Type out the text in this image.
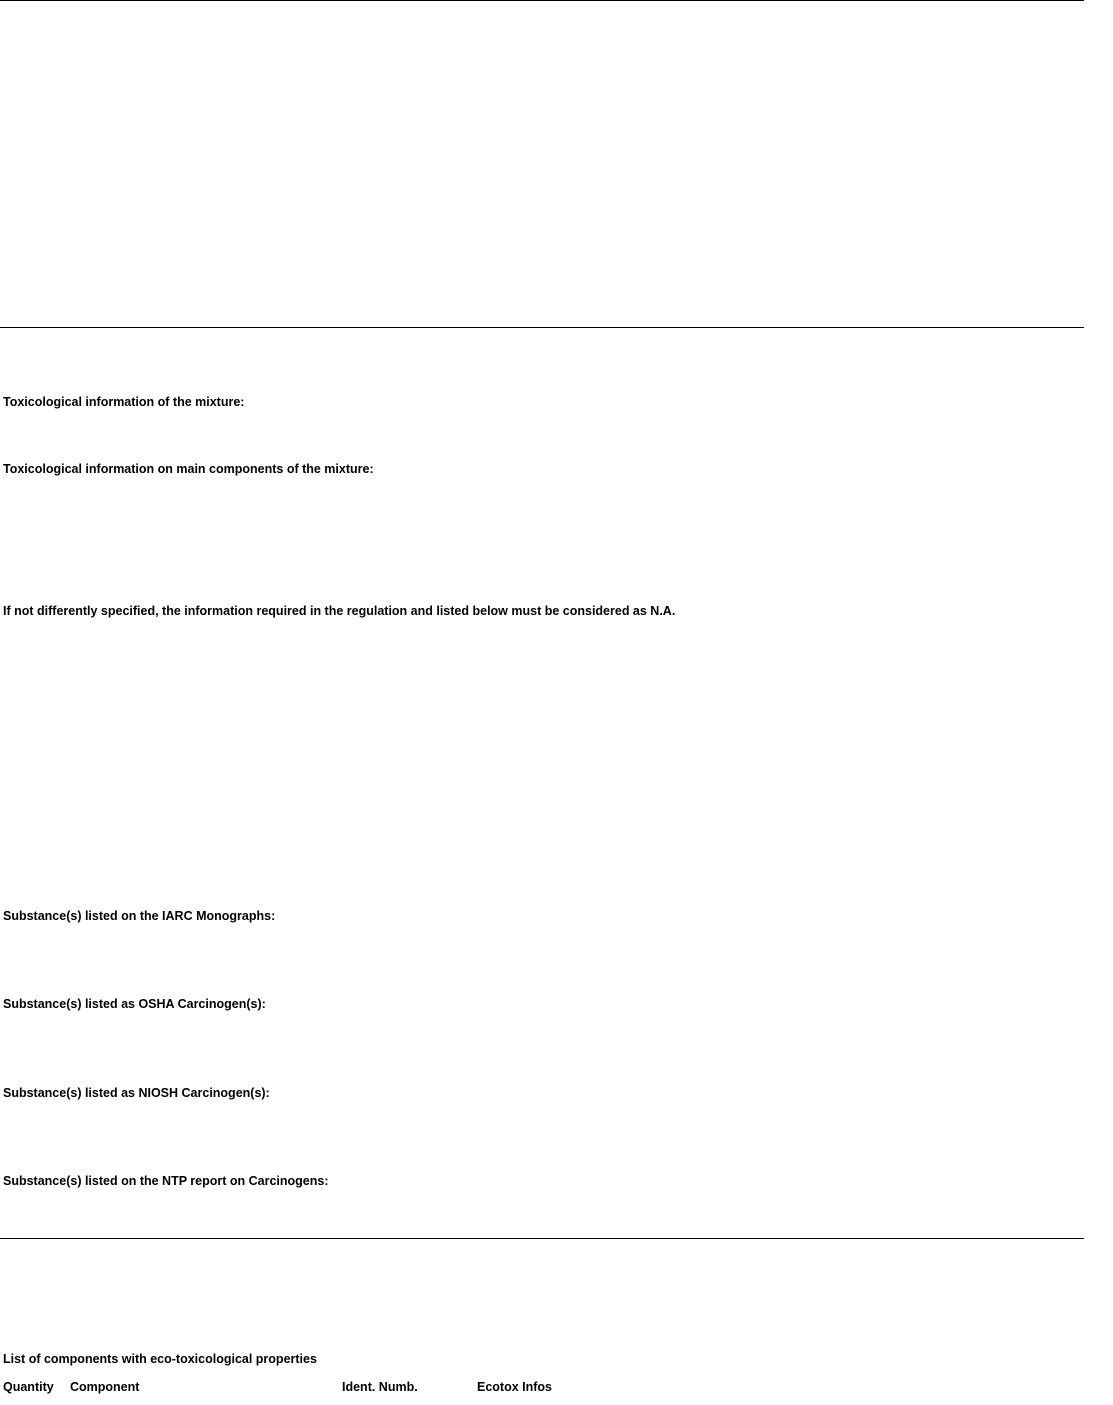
Toxicological information of the mixture:
Toxicological information on main components of the mixture:
If not differently specified, the information required in the regulation and listed below must be considered as N.A.
Substance(s) listed on the IARC Monographs:
Substance(s) listed as OSHA Carcinogen(s):
Substance(s) listed as NIOSH Carcinogen(s):
Substance(s) listed on the NTP report on Carcinogens:
List of components with eco-toxicological properties
Quantity Component	Ident. Numb.	Ecotox Infos
